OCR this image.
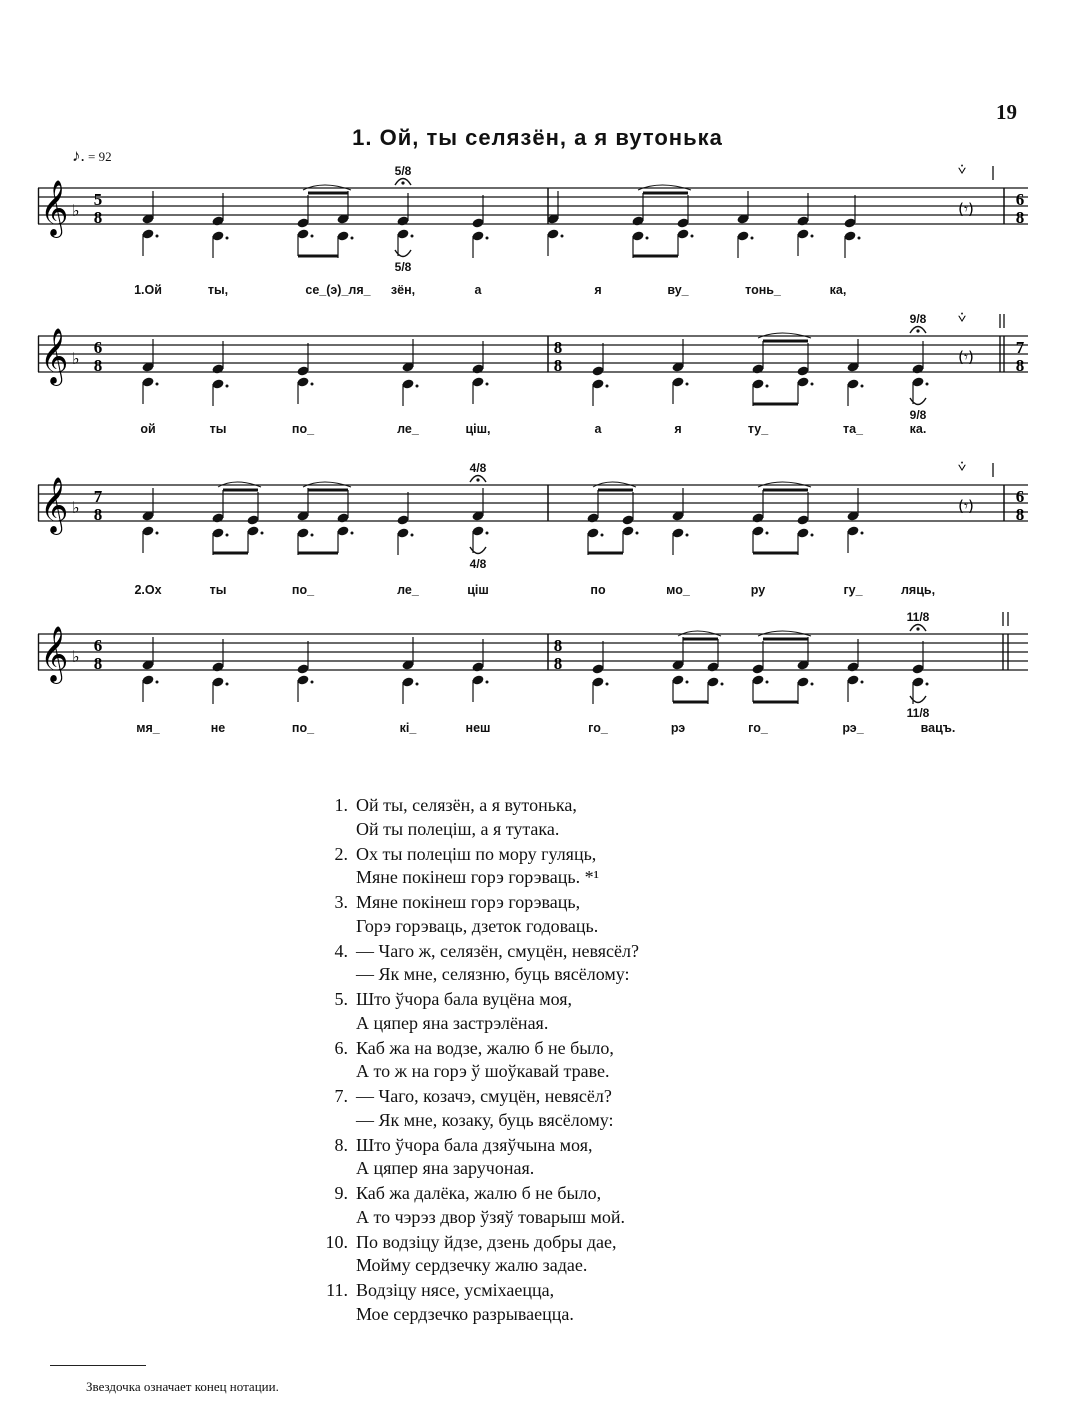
19
1. Ой, ты селязён, а я вутонька
♪. = 92
𝄞 ♭
5
8	(𝄾)
⩒
6
8
5/8
5/8
1.Ой	ты,	се_(э)_ля_ зён,	а	я	ву_	тонь_	ка,
𝄞 ♭
6
8
8
8	(𝄾)
⩒
7
8
9/8
9/8
ой	ты	по_	ле_	ціш,	а	я	ту_	та_	ка.
𝄞 ♭
7
8	(𝄾)
⩒
6
8
4/8
4/8
2.Ох	ты	по_	ле_	ціш	по	мо_	ру	гу_	ляць,
𝄞 ♭
6
8
8
8
11/8
11/8
мя_	не	по_	кі_	неш	го_	рэ	го_	рэ_	вацъ.
1. Ой ты, селязён, а я вутонька,
Ой ты полецiш, а я тутака.
2. Ох ты полецiш по мору гуляць,
Мяне покiнеш горэ горэваць. *¹
3. Мяне покiнеш горэ горэваць,
Горэ горэваць, дзеток годоваць.
4. — Чаго ж, селязён, смуцён, невясёл?
— Як мне, селязню, буць вясёлому:
5. Што ўчора бала вуцёна моя,
А цяпер яна застрэлёная.
6. Каб жа на водзе, жалю б не было,
А то ж на горэ ў шоўкавай траве.
7. — Чаго, козачэ, смуцён, невясёл?
— Як мне, козаку, буць вясёлому:
8. Што ўчора бала дзяўчына моя,
А цяпер яна заручоная.
9. Каб жа далёка, жалю б не было,
А то чэрэз двор ўзяў товарыш мой.
10. По водзiцу йдзе, дзень добры дае,
Мойму сердзечку жалю задае.
11. Водзiцу нясе, усмiхаецца,
Мое сердзечко разрываецца.
Звездочка означает конец нотации.
